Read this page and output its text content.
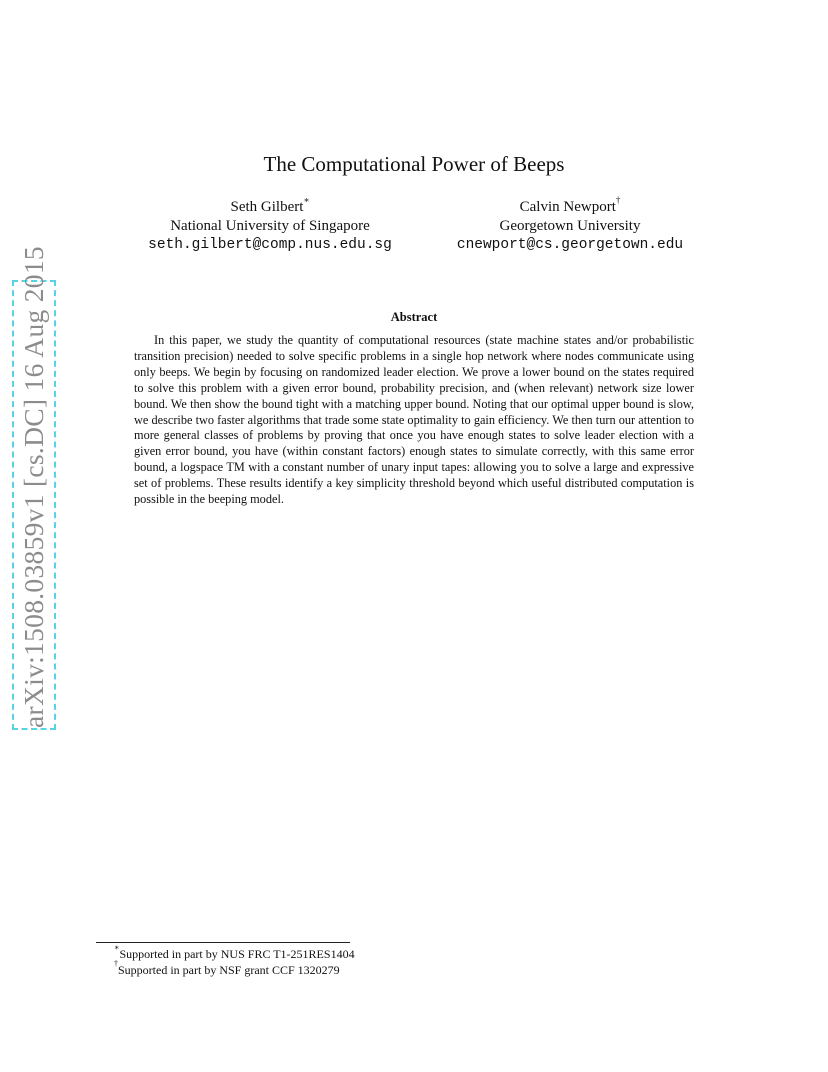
arXiv:1508.03859v1 [cs.DC] 16 Aug 2015
The Computational Power of Beeps
Seth Gilbert∗
National University of Singapore
seth.gilbert@comp.nus.edu.sg
Calvin Newport†
Georgetown University
cnewport@cs.georgetown.edu
Abstract
In this paper, we study the quantity of computational resources (state machine states and/or probabilistic transition precision) needed to solve specific problems in a single hop network where nodes communicate using only beeps. We begin by focusing on randomized leader election. We prove a lower bound on the states required to solve this problem with a given error bound, probability precision, and (when relevant) network size lower bound. We then show the bound tight with a matching upper bound. Noting that our optimal upper bound is slow, we describe two faster algorithms that trade some state optimality to gain efficiency. We then turn our attention to more general classes of problems by proving that once you have enough states to solve leader election with a given error bound, you have (within constant factors) enough states to simulate correctly, with this same error bound, a logspace TM with a constant number of unary input tapes: allowing you to solve a large and expressive set of problems. These results identify a key simplicity threshold beyond which useful distributed computation is possible in the beeping model.
∗Supported in part by NUS FRC T1-251RES1404
†Supported in part by NSF grant CCF 1320279
